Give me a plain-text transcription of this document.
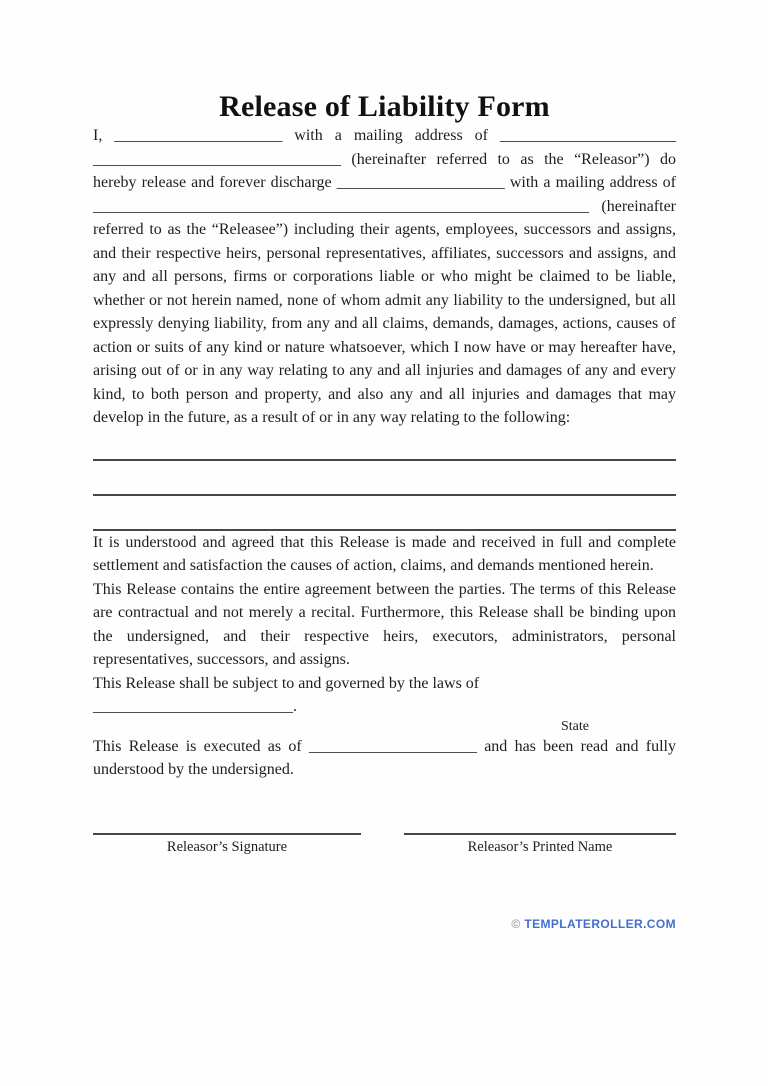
Release of Liability Form

I, _____________________ with a mailing address of ______________________ _______________________________ (hereinafter referred to as the “Releasor”) do hereby release and forever discharge _____________________ with a mailing address of ______________________________________________________________ (hereinafter referred to as the “Releasee”) including their agents, employees, successors and assigns, and their respective heirs, personal representatives, affiliates, successors and assigns, and any and all persons, firms or corporations liable or who might be claimed to be liable, whether or not herein named, none of whom admit any liability to the undersigned, but all expressly denying liability, from any and all claims, demands, damages, actions, causes of action or suits of any kind or nature whatsoever, which I now have or may hereafter have, arising out of or in any way relating to any and all injuries and damages of any and every kind, to both person and property, and also any and all injuries and damages that may develop in the future, as a result of or in any way relating to the following:

It is understood and agreed that this Release is made and received in full and complete settlement and satisfaction the causes of action, claims, and demands mentioned herein.

This Release contains the entire agreement between the parties. The terms of this Release are contractual and not merely a recital. Furthermore, this Release shall be binding upon the undersigned, and their respective heirs, executors, administrators, personal representatives, successors, and assigns.

This Release shall be subject to and governed by the laws of _________________________.

State

This Release is executed as of _____________________ and has been read and fully understood by the undersigned.

Releasor’s Signature	Releasor’s Printed Name
© TEMPLATEROLLER.COM
